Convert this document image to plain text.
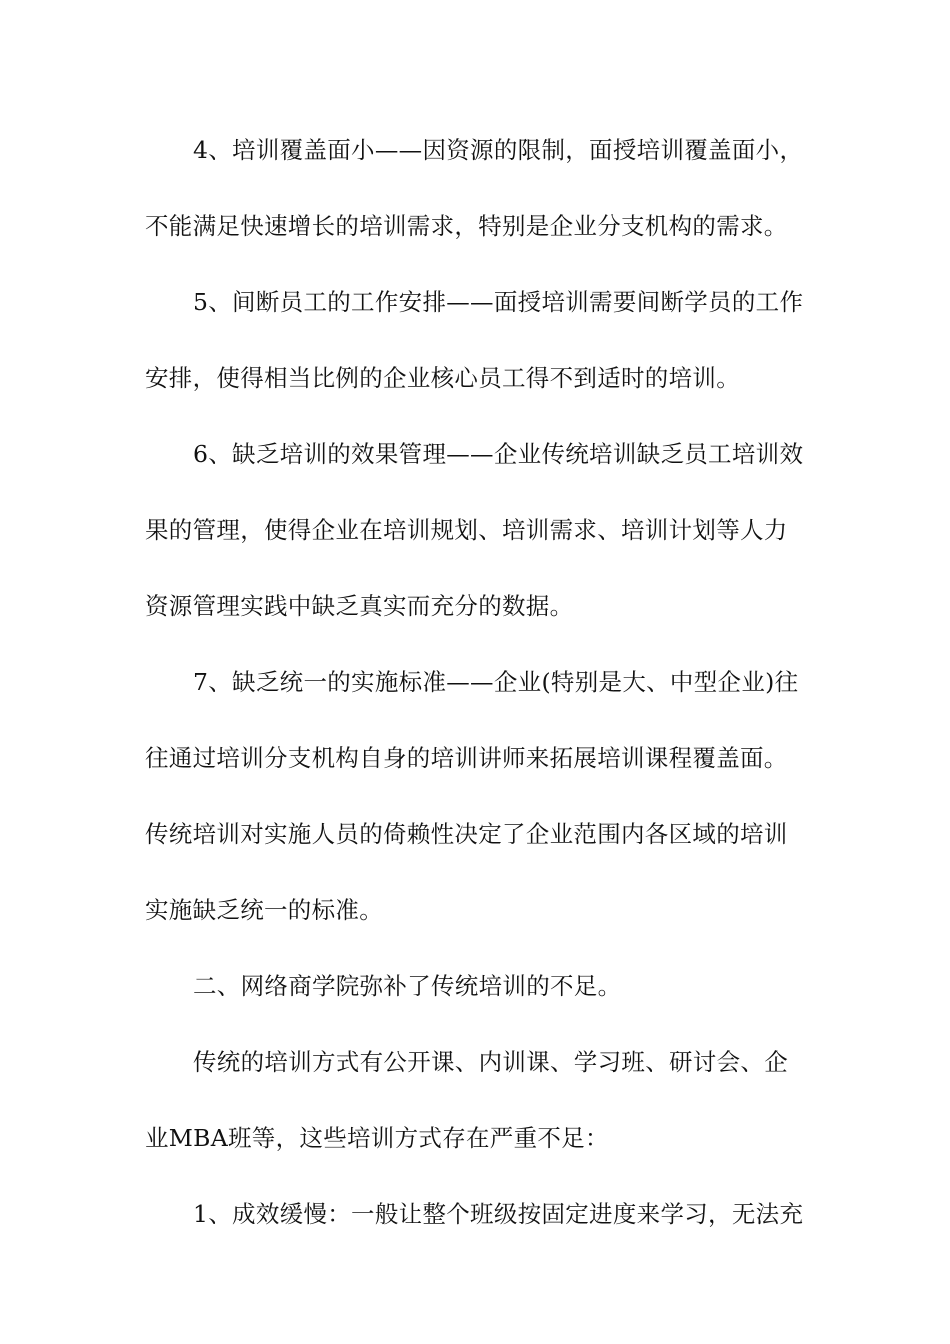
4、培训覆盖面小——因资源的限制，面授培训覆盖面小，
不能满足快速增长的培训需求，特别是企业分支机构的需求。
5、间断员工的工作安排——面授培训需要间断学员的工作
安排，使得相当比例的企业核心员工得不到适时的培训。
6、缺乏培训的效果管理——企业传统培训缺乏员工培训效
果的管理，使得企业在培训规划、培训需求、培训计划等人力
资源管理实践中缺乏真实而充分的数据。
7、缺乏统一的实施标准——企业(特别是大、中型企业)往
往通过培训分支机构自身的培训讲师来拓展培训课程覆盖面。
传统培训对实施人员的倚赖性决定了企业范围内各区域的培训
实施缺乏统一的标准。
二、网络商学院弥补了传统培训的不足。
传统的培训方式有公开课、内训课、学习班、研讨会、企
业MBA班等，这些培训方式存在严重不足：
1、成效缓慢：一般让整个班级按固定进度来学习，无法充
